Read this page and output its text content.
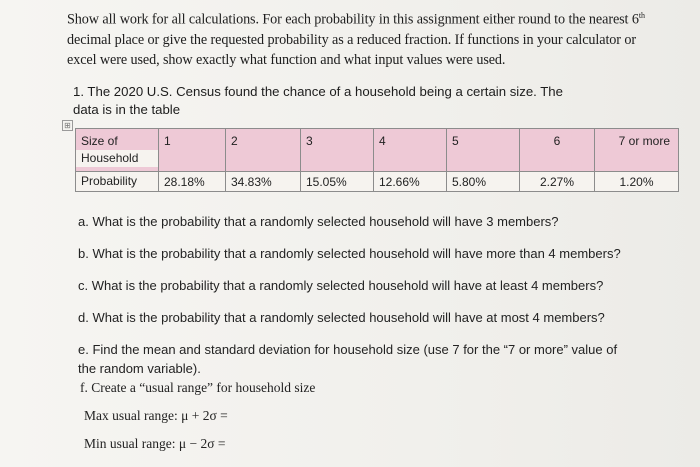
Show all work for all calculations. For each probability in this assignment either round to the nearest 6th
decimal place or give the requested probability as a reduced fraction. If functions in your calculator or
excel were used, show exactly what function and what input values were used.
1. The 2020 U.S. Census found the chance of a household being a certain size. The
data is in the table
⊞
Size of
Household	1	2	3	4	5	6	7 or more
Probability	28.18%	34.83%	15.05%	12.66%	5.80%	2.27%	1.20%
a. What is the probability that a randomly selected household will have 3 members?
b. What is the probability that a randomly selected household will have more than 4 members?
c. What is the probability that a randomly selected household will have at least 4 members?
d. What is the probability that a randomly selected household will have at most 4 members?
e. Find the mean and standard deviation for household size (use 7 for the “7 or more” value of the random variable).
f. Create a “usual range” for household size
Max usual range: μ + 2σ =
Min usual range: μ − 2σ =
